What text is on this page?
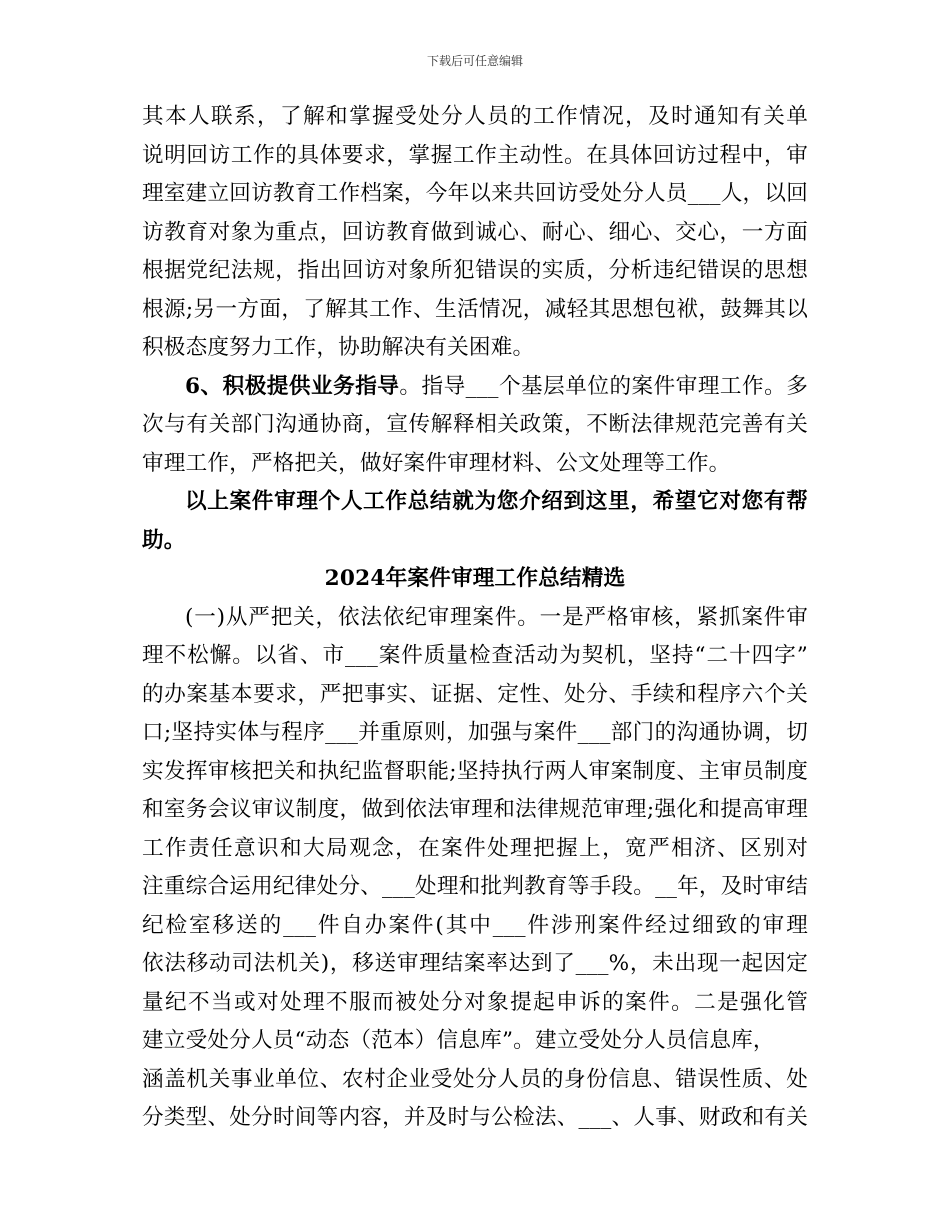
下载后可任意编辑
其本人联系，了解和掌握受处分人员的工作情况，及时通知有关单
说明回访工作的具体要求，掌握工作主动性。在具体回访过程中，审
理室建立回访教育工作档案，今年以来共回访受处分人员___人，以回
访教育对象为重点，回访教育做到诚心、耐心、细心、交心，一方面
根据党纪法规，指出回访对象所犯错误的实质，分析违纪错误的思想
根源;另一方面，了解其工作、生活情况，减轻其思想包袱，鼓舞其以
积极态度努力工作，协助解决有关困难。
6、积极提供业务指导。指导___个基层单位的案件审理工作。多
次与有关部门沟通协商，宣传解释相关政策，不断法律规范完善有关
审理工作，严格把关，做好案件审理材料、公文处理等工作。
以上案件审理个人工作总结就为您介绍到这里，希望它对您有帮
助。
2024年案件审理工作总结精选
(一)从严把关，依法依纪审理案件。一是严格审核，紧抓案件审
理不松懈。以省、市___案件质量检查活动为契机，坚持“二十四字”
的办案基本要求，严把事实、证据、定性、处分、手续和程序六个关
口;坚持实体与程序___并重原则，加强与案件___部门的沟通协调，切
实发挥审核把关和执纪监督职能;坚持执行两人审案制度、主审员制度
和室务会议审议制度，做到依法审理和法律规范审理;强化和提高审理
工作责任意识和大局观念，在案件处理把握上，宽严相济、区别对
注重综合运用纪律处分、___处理和批判教育等手段。__年，及时审结
纪检室移送的___件自办案件(其中___件涉刑案件经过细致的审理
依法移动司法机关)，移送审理结案率达到了___%，未出现一起因定
量纪不当或对处理不服而被处分对象提起申诉的案件。二是强化管
建立受处分人员“动态（范本）信息库”。建立受处分人员信息库，
涵盖机关事业单位、农村企业受处分人员的身份信息、错误性质、处
分类型、处分时间等内容，并及时与公检法、___、人事、财政和有关
